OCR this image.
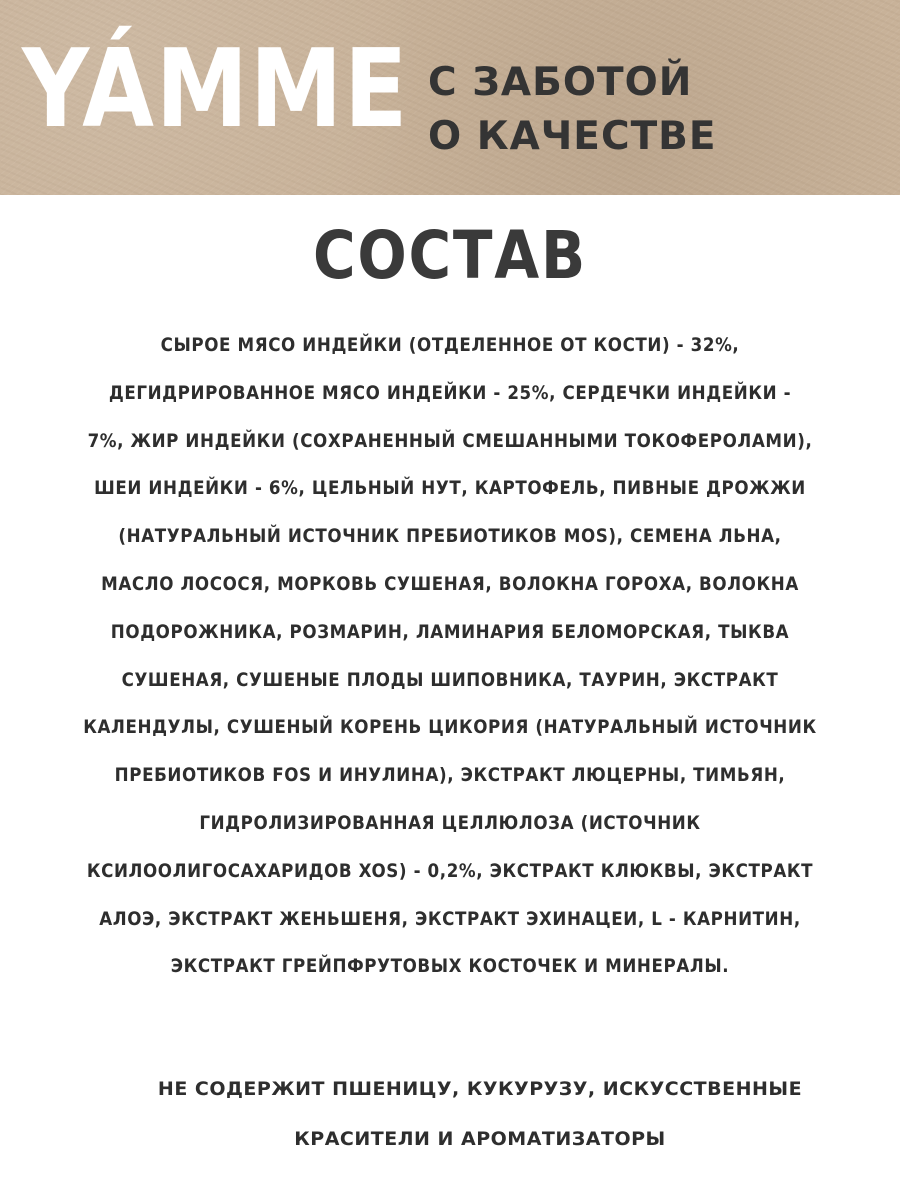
YÁMME С ЗАБОТОЙ
О КАЧЕСТВЕ
СОСТАВ
СЫРОЕ МЯСО ИНДЕЙКИ (ОТДЕЛЕННОЕ ОТ КОСТИ) - 32%,
ДЕГИДРИРОВАННОЕ МЯСО ИНДЕЙКИ - 25%, СЕРДЕЧКИ ИНДЕЙКИ -
7%, ЖИР ИНДЕЙКИ (СОХРАНЕННЫЙ СМЕШАННЫМИ ТОКОФЕРОЛАМИ),
ШЕИ ИНДЕЙКИ - 6%, ЦЕЛЬНЫЙ НУТ, КАРТОФЕЛЬ, ПИВНЫЕ ДРОЖЖИ
(НАТУРАЛЬНЫЙ ИСТОЧНИК ПРЕБИОТИКОВ MOS), СЕМЕНА ЛЬНА,
МАСЛО ЛОСОСЯ, МОРКОВЬ СУШЕНАЯ, ВОЛОКНА ГОРОХА, ВОЛОКНА
ПОДОРОЖНИКА, РОЗМАРИН, ЛАМИНАРИЯ БЕЛОМОРСКАЯ, ТЫКВА
СУШЕНАЯ, СУШЕНЫЕ ПЛОДЫ ШИПОВНИКА, ТАУРИН, ЭКСТРАКТ
КАЛЕНДУЛЫ, СУШЕНЫЙ КОРЕНЬ ЦИКОРИЯ (НАТУРАЛЬНЫЙ ИСТОЧНИК
ПРЕБИОТИКОВ FOS И ИНУЛИНА), ЭКСТРАКТ ЛЮЦЕРНЫ, ТИМЬЯН,
ГИДРОЛИЗИРОВАННАЯ ЦЕЛЛЮЛОЗА (ИСТОЧНИК
КСИЛООЛИГОСАХАРИДОВ XOS) - 0,2%, ЭКСТРАКТ КЛЮКВЫ, ЭКСТРАКТ
АЛОЭ, ЭКСТРАКТ ЖЕНЬШЕНЯ, ЭКСТРАКТ ЭХИНАЦЕИ, L - КАРНИТИН,
ЭКСТРАКТ ГРЕЙПФРУТОВЫХ КОСТОЧЕК И МИНЕРАЛЫ.
НЕ СОДЕРЖИТ ПШЕНИЦУ, КУКУРУЗУ, ИСКУССТВЕННЫЕ
КРАСИТЕЛИ И АРОМАТИЗАТОРЫ
